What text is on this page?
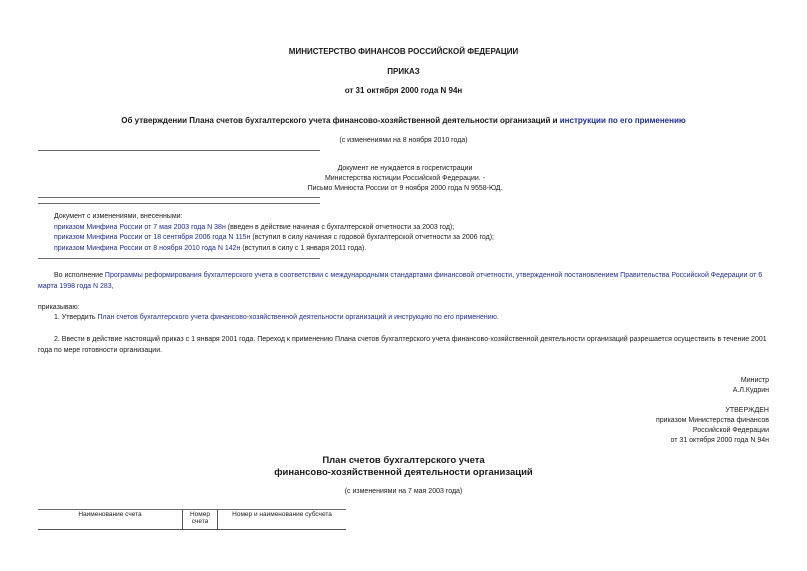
МИНИСТЕРСТВО ФИНАНСОВ РОССИЙСКОЙ ФЕДЕРАЦИИ
ПРИКАЗ
от 31 октября 2000 года N 94н
Об утверждении Плана счетов бухгалтерского учета финансово-хозяйственной деятельности организаций и инструкции по его применению
(с изменениями на 8 ноября 2010 года)
Документ не нуждается в госрегистрации
Министерства юстиции Российской Федерации. -
Письмо Минюста России от 9 ноября 2000 года N 9558-ЮД.
Документ с изменениями, внесенными:
приказом Минфина России от 7 мая 2003 года N 38н (введен в действие начиная с бухгалтерской отчетности за 2003 год);
приказом Минфина России от 18 сентября 2006 года N 115н (вступил в силу начиная с годовой бухгалтерской отчетности за 2006 год);
приказом Минфина России от 8 ноября 2010 года N 142н (вступил в силу с 1 января 2011 года).
Во исполнение Программы реформирования бухгалтерского учета в соответствии с международными стандартами финансовой отчетности, утвержденной постановлением Правительства Российской Федерации от 6 марта 1998 года N 283,
приказываю:
1. Утвердить План счетов бухгалтерского учета финансово-хозяйственной деятельности организаций и инструкцию по его применению.
2. Ввести в действие настоящий приказ с 1 января 2001 года. Переход к применению Плана счетов бухгалтерского учета финансово-хозяйственной деятельности организаций разрешается осуществить в течение 2001 года по мере готовности организации.
Министр
А.Л.Кудрин
УТВЕРЖДЕН
приказом Министерства финансов
Российской Федерации
от 31 октября 2000 года N 94н
План счетов бухгалтерского учета
финансово-хозяйственной деятельности организаций
(с изменениями на 7 мая 2003 года)
Наименование счета	Номер счета	Номер и наименование субсчета
